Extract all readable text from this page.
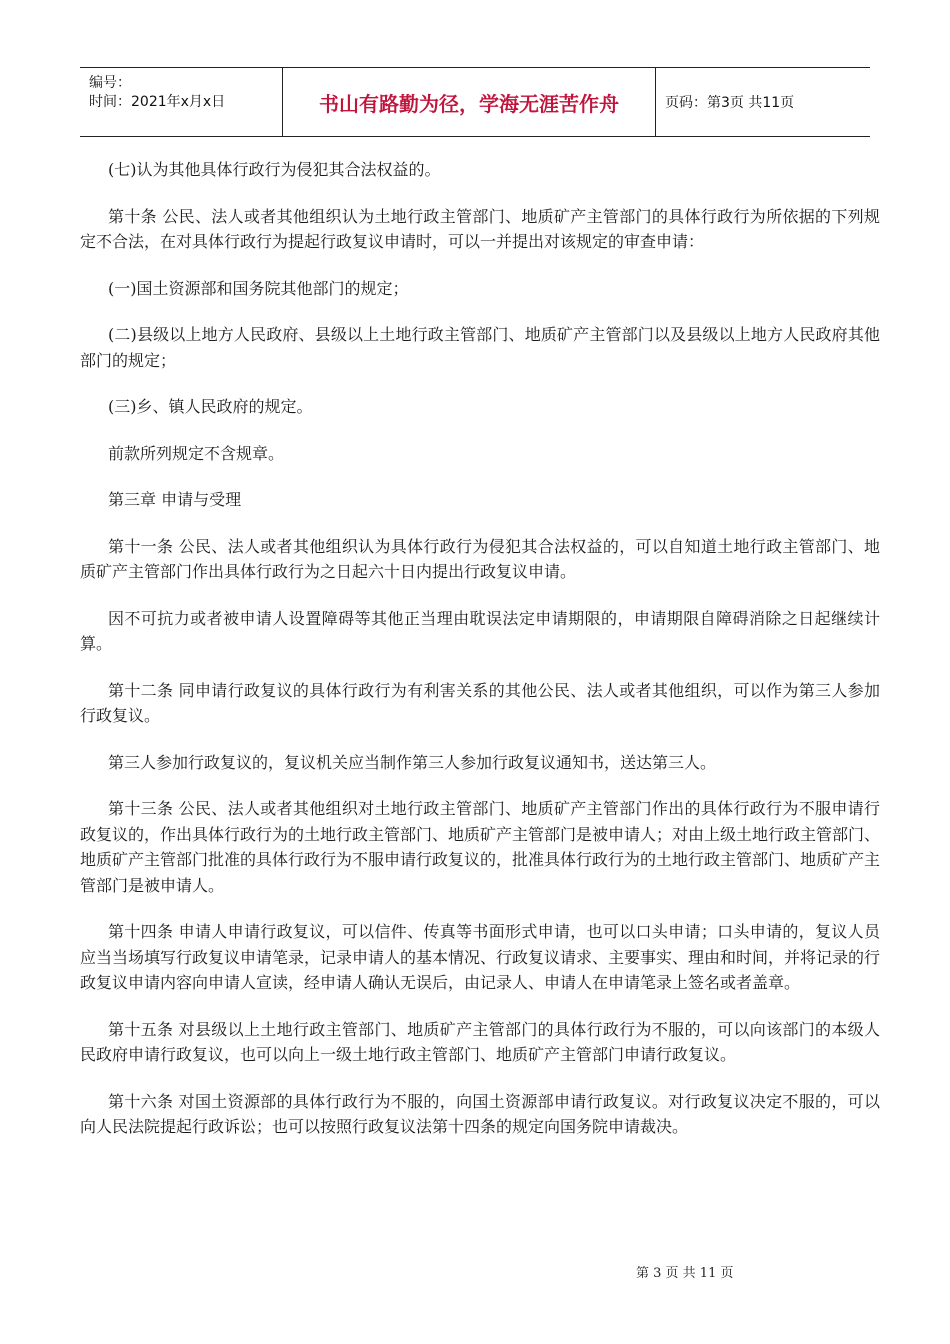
编号：
时间：2021年x月x日	书山有路勤为径，学海无涯苦作舟	页码：第3页 共11页

(七)认为其他具体行政行为侵犯其合法权益的。

第十条 公民、法人或者其他组织认为土地行政主管部门、地质矿产主管部门的具体行政行为所依据的下列规定不合法，在对具体行政行为提起行政复议申请时，可以一并提出对该规定的审查申请：

(一)国土资源部和国务院其他部门的规定；

(二)县级以上地方人民政府、县级以上土地行政主管部门、地质矿产主管部门以及县级以上地方人民政府其他部门的规定；

(三)乡、镇人民政府的规定。

前款所列规定不含规章。

第三章 申请与受理

第十一条 公民、法人或者其他组织认为具体行政行为侵犯其合法权益的，可以自知道土地行政主管部门、地质矿产主管部门作出具体行政行为之日起六十日内提出行政复议申请。

因不可抗力或者被申请人设置障碍等其他正当理由耽误法定申请期限的，申请期限自障碍消除之日起继续计算。

第十二条 同申请行政复议的具体行政行为有利害关系的其他公民、法人或者其他组织，可以作为第三人参加行政复议。

第三人参加行政复议的，复议机关应当制作第三人参加行政复议通知书，送达第三人。

第十三条 公民、法人或者其他组织对土地行政主管部门、地质矿产主管部门作出的具体行政行为不服申请行政复议的，作出具体行政行为的土地行政主管部门、地质矿产主管部门是被申请人；对由上级土地行政主管部门、地质矿产主管部门批准的具体行政行为不服申请行政复议的，批准具体行政行为的土地行政主管部门、地质矿产主管部门是被申请人。

第十四条 申请人申请行政复议，可以信件、传真等书面形式申请，也可以口头申请；口头申请的，复议人员应当当场填写行政复议申请笔录，记录申请人的基本情况、行政复议请求、主要事实、理由和时间，并将记录的行政复议申请内容向申请人宣读，经申请人确认无误后，由记录人、申请人在申请笔录上签名或者盖章。

第十五条 对县级以上土地行政主管部门、地质矿产主管部门的具体行政行为不服的，可以向该部门的本级人民政府申请行政复议，也可以向上一级土地行政主管部门、地质矿产主管部门申请行政复议。

第十六条 对国土资源部的具体行政行为不服的，向国土资源部申请行政复议。对行政复议决定不服的，可以向人民法院提起行政诉讼；也可以按照行政复议法第十四条的规定向国务院申请裁决。

第 3 页 共 11 页
